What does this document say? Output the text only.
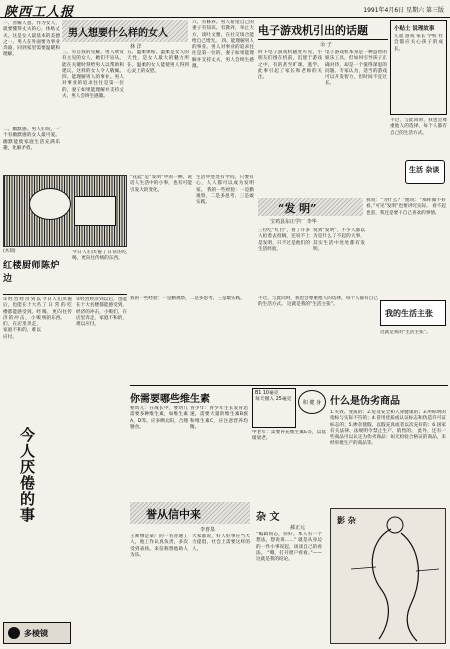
陕西工人报	1991年4月6日 星期六 第三版
一、善解人意。作为女人，就要懂得丈夫的心，体贴丈夫。这是女人最基本的美德之一。男人在外面要为事业奔波，回到家里需要温暖和理解。
二、幽默感。男人们说，一个有幽默感的女人最可爱。幽默能使家庭生活充满乐趣，化解矛盾。
(木刻)	今日人们厌倦了日常的吃喝，更向往传统的东西。
红楼厨师陈炉边
①经营经济到以后，也能在十大名楼都能感受到。经济的冲击，小贩们，在店里奔走，家庭不和的，难以应付。
今人厌倦的事
今日人们厌倦了日常的吃喝，更向往传统的东西。
①经营经济到以后，也能在十大名楼都能感受到。经济的冲击，小贩们，在店里奔走，家庭不和的，难以应付。
多棱镜
男人想要什么样的女人
林 洋
三、有自我的见解。男人欣赏有主见的女人，她们不盲从，能在关键时刻给男人以帮助和建议。这样的女人令人敬佩。 四、能理解男人的事业。男人对事业的追求往往是第一位的，妻子如果能理解并支持丈夫，男人会终生感激。
五、温柔体贴。温柔是女人的天性，是女人最大的魅力所在。温柔的女人能使男人得到心灵上的安慰。
六、有修养。男人希望自己的妻子有知识、有教养，举止大方，谈吐文雅，在社交场合能给自己增光。 四、能理解男人的事业。男人对事业的追求往往是第一位的，妻子如果能理解并支持丈夫，男人会终生感激。
“花起”是“发明”中的一种。说话人生活中的小事，也有可能引发大的变化。
生活中处处有学问，只要有心，人人都可以成为发明家。 我的一些经验：一是勤观察，二是多思考，三是敢实践。
电子游戏机引出的话题
余 子
时下电子游戏机随处可见，小朋友们围在机前，沉迷于游戏之中，有的甚至旷课、逃学。此事引起了家长和老师的关注。
电子游戏机本身是一种益智的娱乐工具，但如何引导孩子正确对待，却是一个值得深思的问题。专家认为，适当的游戏可以开发智力，但时间不宜过长。
小贴士 说理故事
儿童 游戏 家长 学校 社会都应关心孩子的成长。
不过，与此同时，我也会尊重他人的选择，每个人都有自己的生活方式。
生活 杂谈
“发 明”
宝鸡县东庄学厂 李华
三位吃“红白”，看了许多人抢着去投稿，还说不上是发明，只不过是他们的生活经验。
说到“发明”，不少人都以为是什么了不起的大事，其实生活中处处都有发明。
我说：“为什么？”他说：“那样做不好看。”可见“发明”也要讲究实际。 看不起也罢，我还是要干自己喜欢的事情。
我的一些经验：一是勤观察，二是多思考，三是敢实践。	不过，与此同时，我也会尊重他人的选择，每个人都有自己的生活方式。 这就是我的“生活主张”。
我的生活主张
这就是我的“生活主张”。
你需要哪些维生素
婴幼儿：在成长中，婴幼儿需要多种维生素，如维生素A、D等。应多晒太阳，合理膳食。
青少年：青少年生长发育迅速，需要大量的维生素B族和维生素C，应注意营养均衡。
B1 10毫克
每天摄入 25毫克
积 健 身
中老年：需要补充维生素E等，以延缓衰老。
什么是伪劣商品
1.失效、变质的；2.危及安全和人身健康的；3.所标明的指标与实际不符的；4.冒用优质或认证标志和伪造许可证标志的；5.掺杂使假、以假充真或者以次充好的；6.国家有关法律、法规明令禁止生产、销售的。 此外，还有一些商品可以认定为伪劣商品：如无检验合格证的商品，未经审批生产的商品等。
誉从信中来
李喜泉
王师傅是某厂的一名普通工人，他工作认真负责，多次受到表扬。来信称赞他助人为乐。
大家都说，好人好事应当大力提倡，社会上需要这样的人。
杂 文
郝正元
“编辑同志，你好。本人有一个想法，想说说……” 就是从身边的一件小事说起，谈谈自己的看法。 “哪，打开窗户看看。”——这就是我的结论。
影 杂
